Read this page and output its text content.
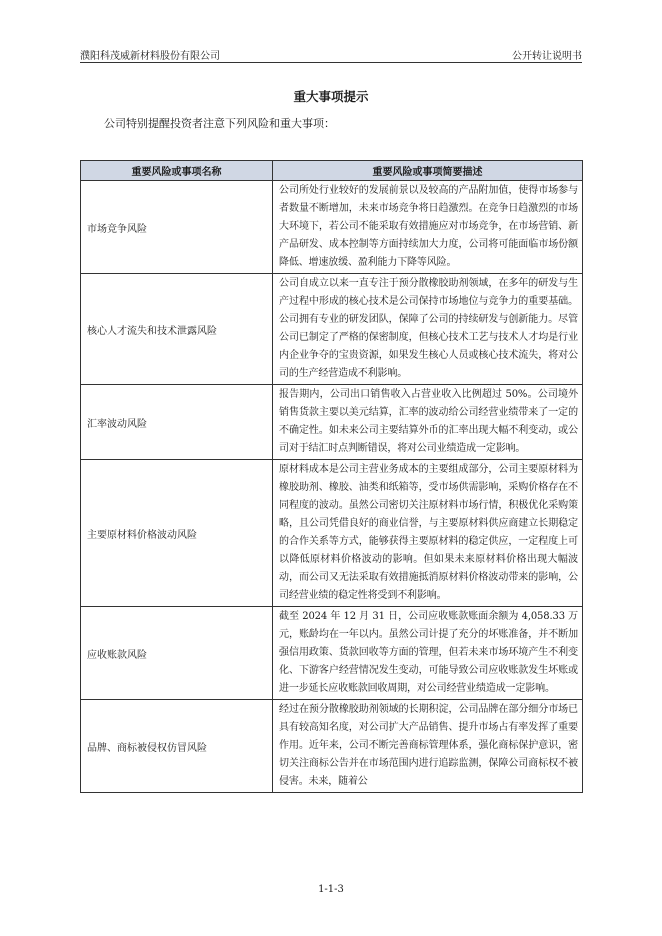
濮阳科茂威新材料股份有限公司	公开转让说明书
重大事项提示
公司特别提醒投资者注意下列风险和重大事项：
重要风险或事项名称	重要风险或事项简要描述
市场竞争风险	公司所处行业较好的发展前景以及较高的产品附加值，使得市场参与者数量不断增加，未来市场竞争将日趋激烈。在竞争日趋激烈的市场大环境下，若公司不能采取有效措施应对市场竞争，在市场营销、新产品研发、成本控制等方面持续加大力度，公司将可能面临市场份额降低、增速放缓、盈利能力下降等风险。
核心人才流失和技术泄露风险	公司自成立以来一直专注于预分散橡胶助剂领域，在多年的研发与生产过程中形成的核心技术是公司保持市场地位与竞争力的重要基础。公司拥有专业的研发团队，保障了公司的持续研发与创新能力。尽管公司已制定了严格的保密制度，但核心技术工艺与技术人才均是行业内企业争夺的宝贵资源，如果发生核心人员或核心技术流失，将对公司的生产经营造成不利影响。
汇率波动风险	报告期内，公司出口销售收入占营业收入比例超过 50%。公司境外销售货款主要以美元结算，汇率的波动给公司经营业绩带来了一定的不确定性。如未来公司主要结算外币的汇率出现大幅不利变动，或公司对于结汇时点判断错误，将对公司业绩造成一定影响。
主要原材料价格波动风险	原材料成本是公司主营业务成本的主要组成部分，公司主要原材料为橡胶助剂、橡胶、油类和纸箱等，受市场供需影响，采购价格存在不同程度的波动。虽然公司密切关注原材料市场行情，积极优化采购策略，且公司凭借良好的商业信誉，与主要原材料供应商建立长期稳定的合作关系等方式，能够获得主要原材料的稳定供应，一定程度上可以降低原材料价格波动的影响。但如果未来原材料价格出现大幅波动，而公司又无法采取有效措施抵消原材料价格波动带来的影响，公司经营业绩的稳定性将受到不利影响。
应收账款风险	截至 2024 年 12 月 31 日，公司应收账款账面余额为 4,058.33 万元，账龄均在一年以内。虽然公司计提了充分的坏账准备，并不断加强信用政策、货款回收等方面的管理，但若未来市场环境产生不利变化、下游客户经营情况发生变动，可能导致公司应收账款发生坏账或进一步延长应收账款回收周期，对公司经营业绩造成一定影响。
品牌、商标被侵权仿冒风险	经过在预分散橡胶助剂领域的长期积淀，公司品牌在部分细分市场已具有较高知名度，对公司扩大产品销售、提升市场占有率发挥了重要作用。近年来，公司不断完善商标管理体系，强化商标保护意识，密切关注商标公告并在市场范围内进行追踪监测，保障公司商标权不被侵害。未来，随着公
1-1-3
